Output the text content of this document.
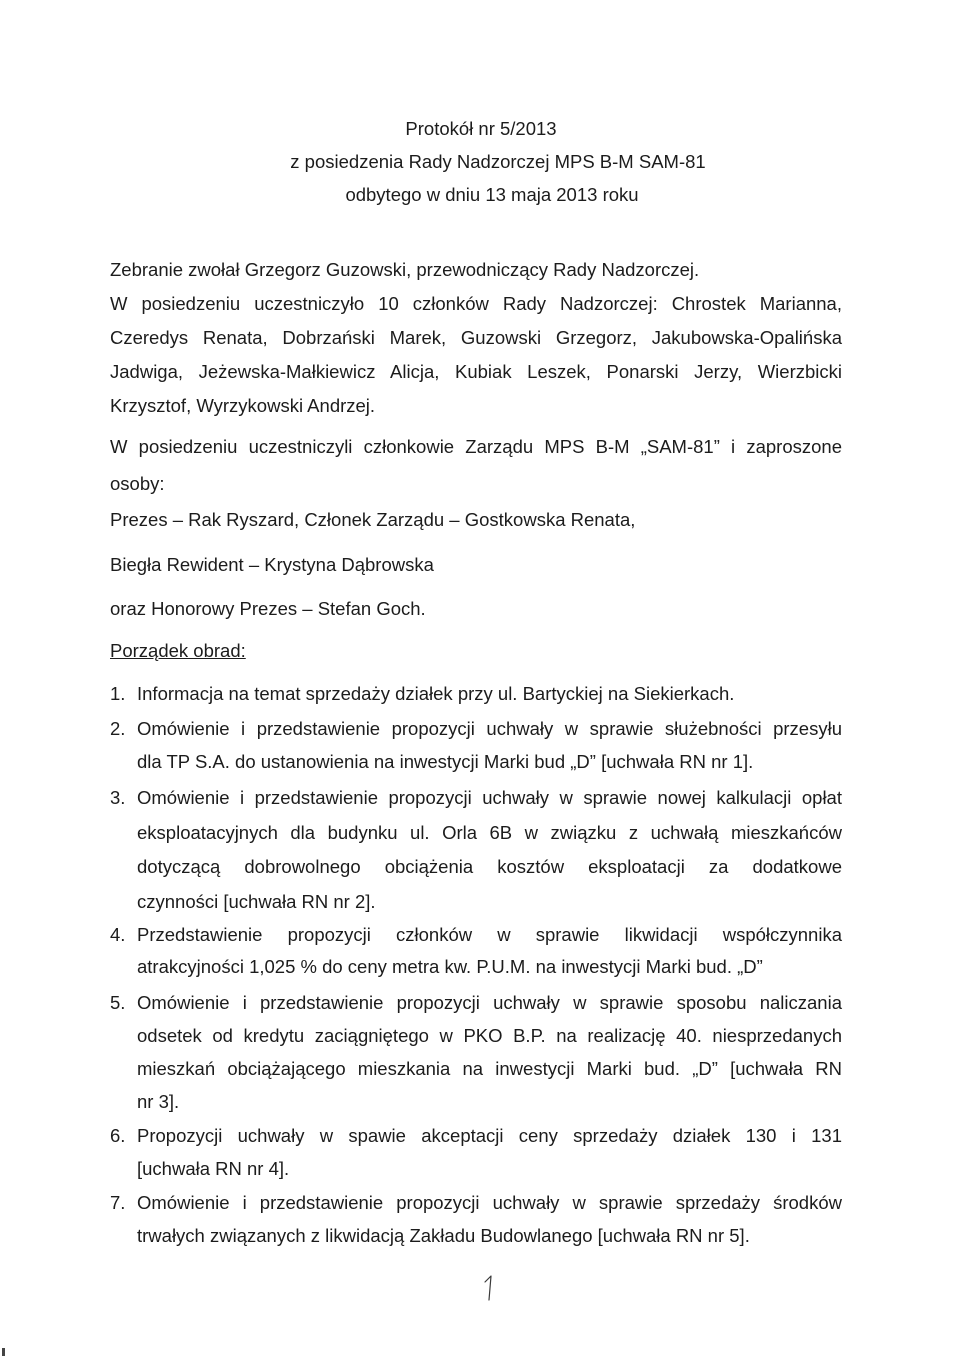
Protokół nr 5/2013
z posiedzenia Rady Nadzorczej MPS B-M SAM-81
odbytego w dniu 13 maja 2013 roku
Zebranie zwołał Grzegorz Guzowski, przewodniczący Rady Nadzorczej.
W posiedzeniu uczestniczyło 10 członków Rady Nadzorczej: Chrostek Marianna,
Czeredys Renata, Dobrzański Marek, Guzowski Grzegorz, Jakubowska-Opalińska
Jadwiga, Jeżewska-Małkiewicz Alicja, Kubiak Leszek, Ponarski Jerzy, Wierzbicki
Krzysztof, Wyrzykowski Andrzej.
W posiedzeniu uczestniczyli członkowie Zarządu MPS B-M „SAM-81” i zaproszone
osoby:
Prezes – Rak Ryszard, Członek Zarządu – Gostkowska Renata,
Biegła Rewident – Krystyna Dąbrowska
oraz Honorowy Prezes – Stefan Goch.
Porządek obrad:
1. Informacja na temat sprzedaży działek przy ul. Bartyckiej na Siekierkach.
2. Omówienie i przedstawienie propozycji uchwały w sprawie służebności przesyłu
dla TP S.A. do ustanowienia na inwestycji Marki bud „D” [uchwała RN nr 1].
3. Omówienie i przedstawienie propozycji uchwały w sprawie nowej kalkulacji opłat
eksploatacyjnych dla budynku ul. Orla 6B w związku z uchwałą mieszkańców
dotyczącą dobrowolnego obciążenia kosztów eksploatacji za dodatkowe
czynności [uchwała RN nr 2].
4. Przedstawienie propozycji członków w sprawie likwidacji współczynnika
atrakcyjności 1,025 % do ceny metra kw. P.U.M. na inwestycji Marki bud. „D”
5. Omówienie i przedstawienie propozycji uchwały w sprawie sposobu naliczania
odsetek od kredytu zaciągniętego w PKO B.P. na realizację 40. niesprzedanych
mieszkań obciążającego mieszkania na inwestycji Marki bud. „D” [uchwała RN
nr 3].
6. Propozycji uchwały w spawie akceptacji ceny sprzedaży działek 130 i 131
[uchwała RN nr 4].
7. Omówienie i przedstawienie propozycji uchwały w sprawie sprzedaży środków
trwałych związanych z likwidacją Zakładu Budowlanego [uchwała RN nr 5].
